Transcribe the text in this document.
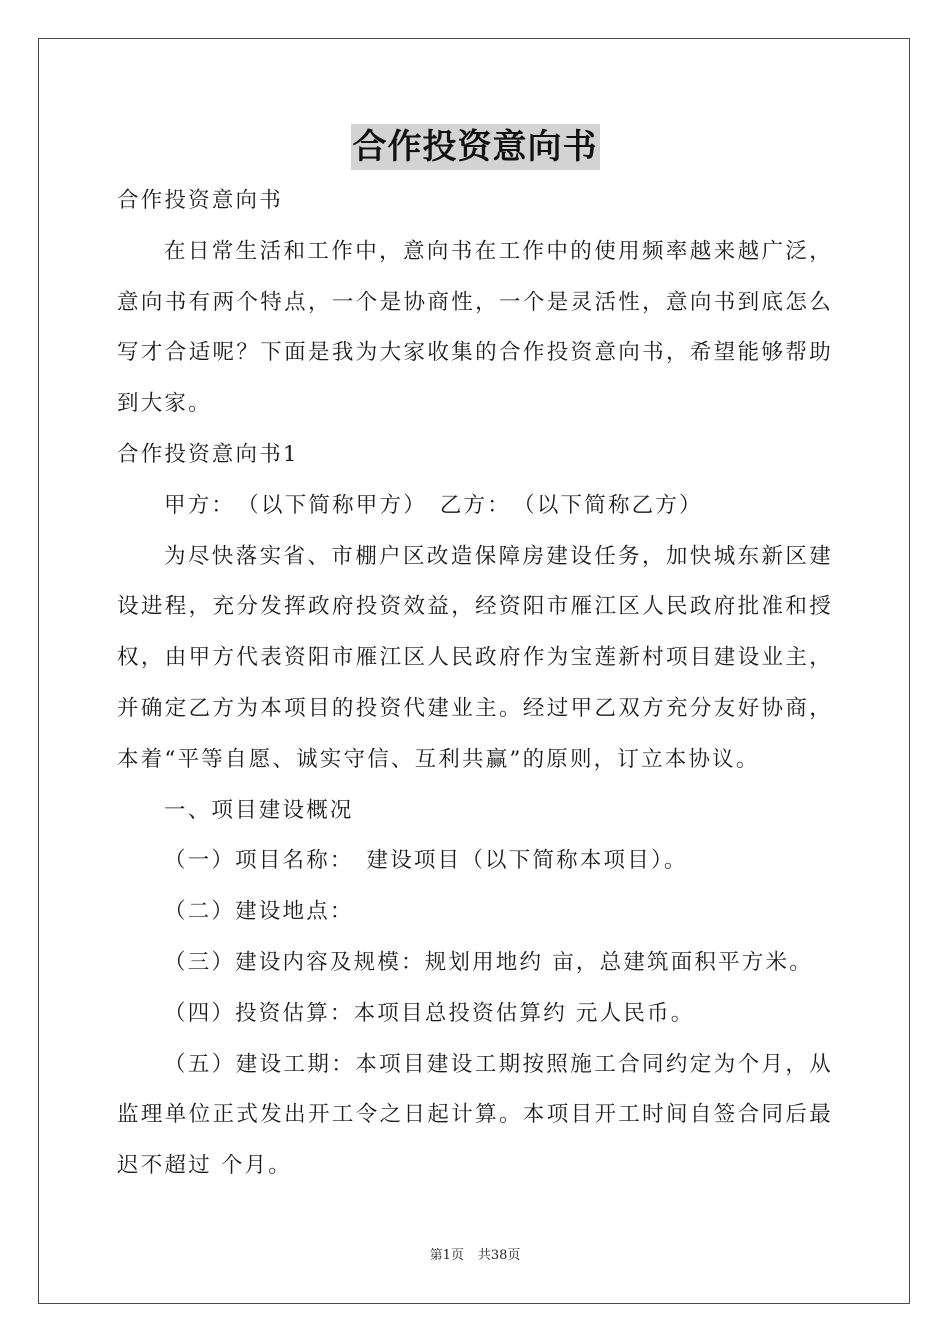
合作投资意向书

合作投资意向书

在日常生活和工作中，意向书在工作中的使用频率越来越广泛，意向书有两个特点，一个是协商性，一个是灵活性，意向书到底怎么写才合适呢？下面是我为大家收集的合作投资意向书，希望能够帮助到大家。

合作投资意向书1

甲方：　（以下简称甲方）　乙方：　（以下简称乙方）

为尽快落实省、市棚户区改造保障房建设任务，加快城东新区建设进程，充分发挥政府投资效益，经资阳市雁江区人民政府批准和授权，由甲方代表资阳市雁江区人民政府作为宝莲新村项目建设业主，并确定乙方为本项目的投资代建业主。经过甲乙双方充分友好协商，本着“平等自愿、诚实守信、互利共赢”的原则，订立本协议。

一、项目建设概况

（一）项目名称：　建设项目（以下简称本项目）。

（二）建设地点：

（三）建设内容及规模：规划用地约 亩，总建筑面积平方米。

（四）投资估算：本项目总投资估算约 元人民币。

（五）建设工期：本项目建设工期按照施工合同约定为个月，从监理单位正式发出开工令之日起计算。本项目开工时间自签合同后最迟不超过 个月。

第1页 共38页
